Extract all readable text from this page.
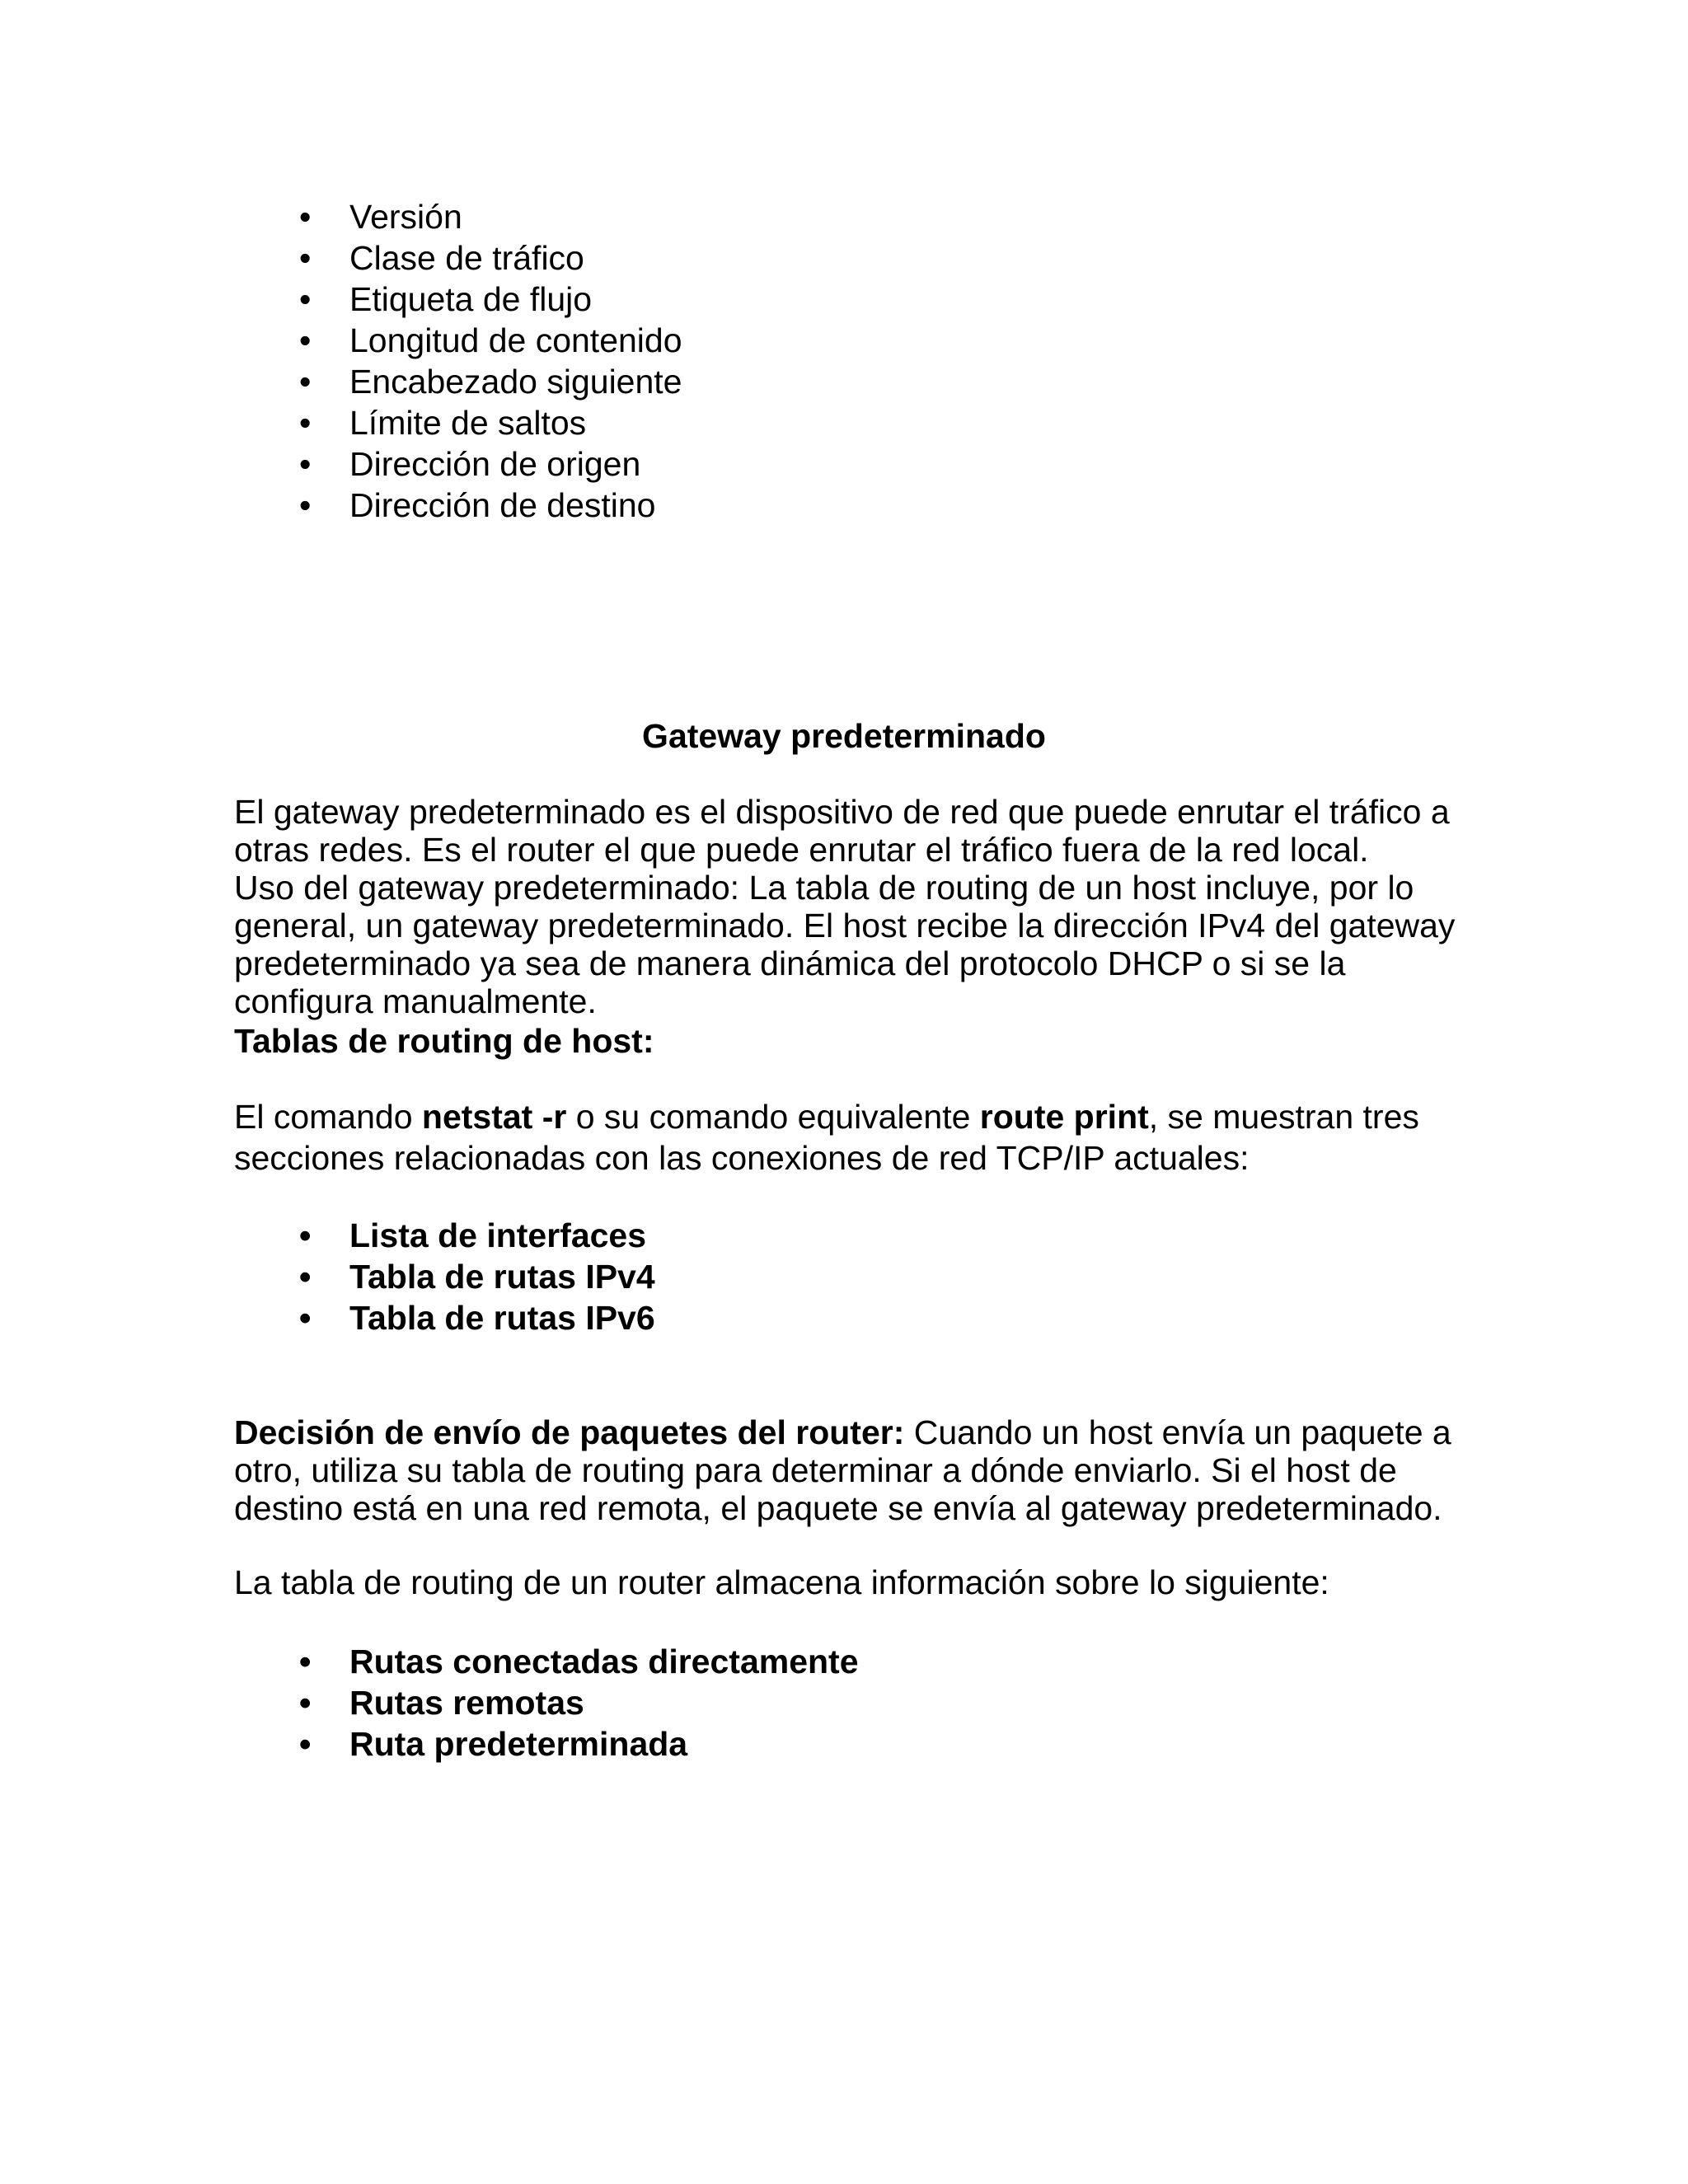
•	Versión
•	Clase de tráfico
•	Etiqueta de flujo
•	Longitud de contenido
•	Encabezado siguiente
•	Límite de saltos
•	Dirección de origen
•	Dirección de destino
Gateway predeterminado

El gateway predeterminado es el dispositivo de red que puede enrutar el tráfico a
otras redes. Es el router el que puede enrutar el tráfico fuera de la red local.
Uso del gateway predeterminado: La tabla de routing de un host incluye, por lo
general, un gateway predeterminado. El host recibe la dirección IPv4 del gateway
predeterminado ya sea de manera dinámica del protocolo DHCP o si se la
configura manualmente.

Tablas de routing de host:

El comando netstat -r o su comando equivalente route print, se muestran tres
secciones relacionadas con las conexiones de red TCP/IP actuales:

•	Lista de interfaces
•	Tabla de rutas IPv4
•	Tabla de rutas IPv6

Decisión de envío de paquetes del router: Cuando un host envía un paquete a
otro, utiliza su tabla de routing para determinar a dónde enviarlo. Si el host de
destino está en una red remota, el paquete se envía al gateway predeterminado.

La tabla de routing de un router almacena información sobre lo siguiente:

•	Rutas conectadas directamente
•	Rutas remotas
•	Ruta predeterminada
